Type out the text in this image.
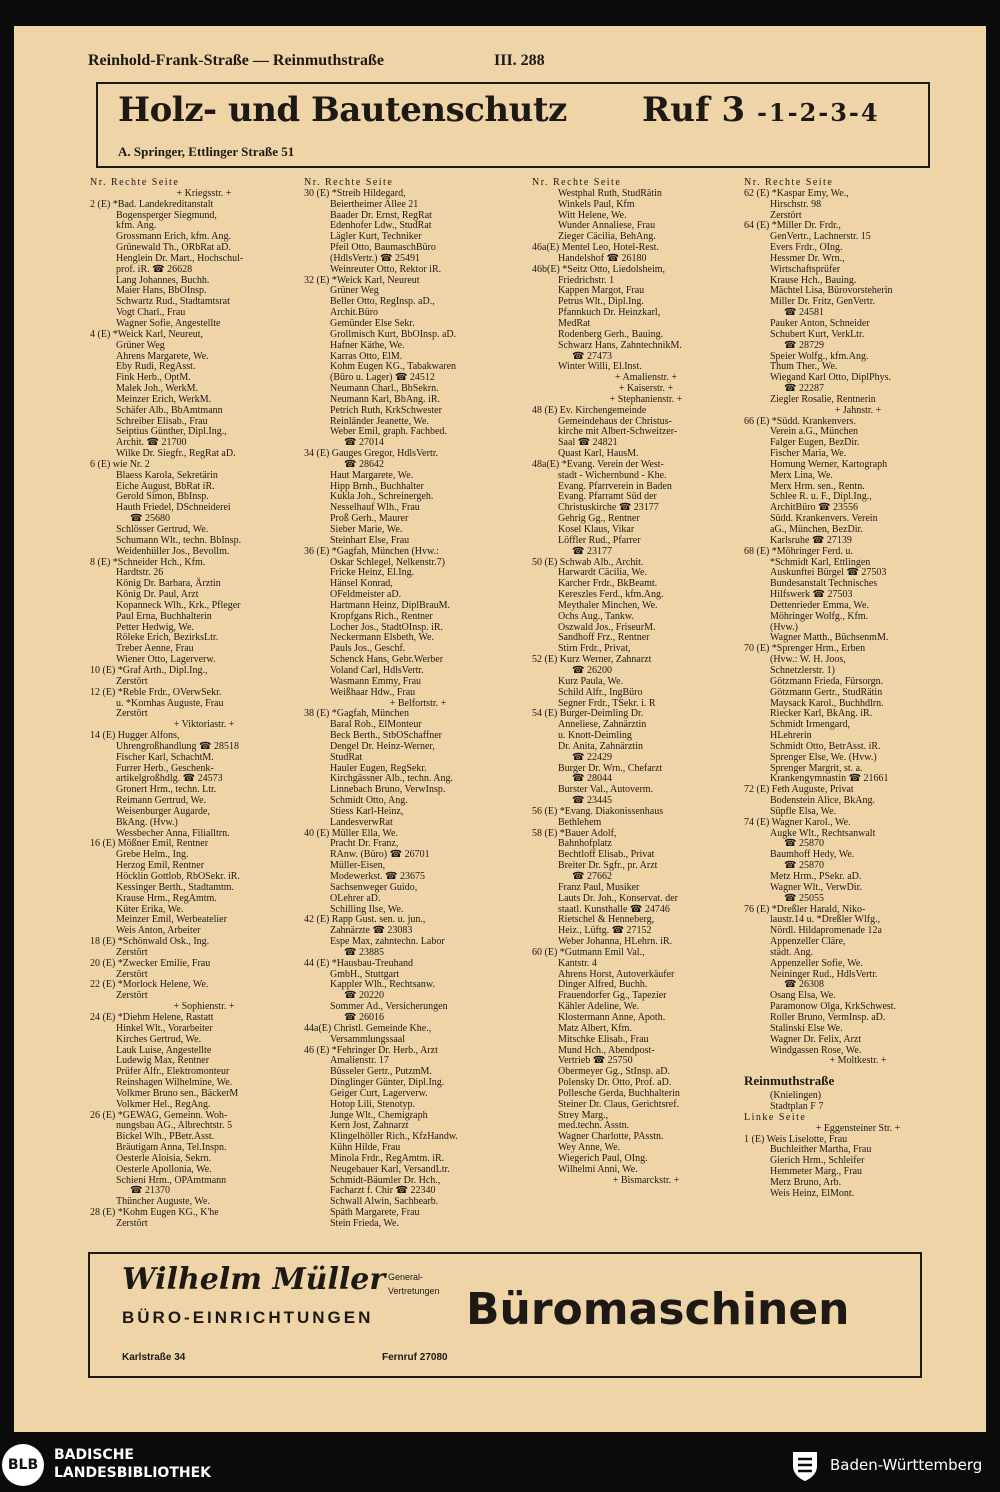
Reinhold-Frank-Straße — Reinmuthstraße	III. 288
Holz- und Bautenschutz Ruf 3 -1-2-3-4
A. Springer, Ettlinger Straße 51
Nr. Rechte Seite
+ Kriegsstr. +
2 (E) *Bad. Landekreditanstalt
Bogensperger Siegmund,
kfm. Ang.
Grossmann Erich, kfm. Ang.
Grünewald Th., ORbRat aD.
Henglein Dr. Mart., Hochschul-
prof. iR. ☎ 26628
Lang Johannes, Buchh.
Maier Hans, BbOInsp.
Schwartz Rud., Stadtamtsrat
Vogt Charl., Frau
Wagner Sofie, Angestellte
4 (E) *Weick Karl, Neureut,
Grüner Weg
Ahrens Margarete, We.
Eby Rudi, RegAsst.
Fink Herb., OptM.
Malek Joh., WerkM.
Meinzer Erich, WerkM.
Schäfer Alb., BbAmtmann
Schreiber Elisab., Frau
Seiptius Günther, Dipl.Ing.,
Archit. ☎ 21700
Wilke Dr. Siegfr., RegRat aD.
6 (E) wie Nr. 2
Blaess Karola, Sekretärin
Eiche August, BbRat iR.
Gerold Simon, BbInsp.
Hauth Friedel, DSchneiderei
☎ 25680
Schlösser Gertrud, We.
Schumann Wlt., techn. BbInsp.
Weidenhüller Jos., Bevollm.
8 (E) *Schneider Hch., Kfm.
Hardtstr. 26
König Dr. Barbara, Ärztin
König Dr. Paul, Arzt
Kopanneck Wlh., Krk., Pfleger
Paul Erna, Buchhalterin
Petter Hedwig, We.
Röleke Erich, BezirksLtr.
Treber Aenne, Frau
Wiener Otto, Lagerverw.
10 (E) *Graf Arth., Dipl.Ing.,
Zerstört
12 (E) *Reble Frdr., OVerwSekr.
u. *Kornhas Auguste, Frau
Zerstört
+ Viktoriastr. +
14 (E) Hugger Alfons,
Uhrengroßhandlung ☎ 28518
Fischer Karl, SchachtM.
Furrer Herb., Geschenk-
artikelgroßhdlg. ☎ 24573
Gronert Hrm., techn. Ltr.
Reimann Gertrud, We.
Weisenburger Augarde,
BkAng. (Hvw.)
Wessbecher Anna, Filialltrn.
16 (E) Mößner Emil, Rentner
Grebe Helm., Ing.
Herzog Emil, Rentner
Höcklin Gottlob, RbOSekr. iR.
Kessinger Berth., Stadtamtm.
Krause Hrm., RegAmtm.
Küter Erika, We.
Meinzer Emil, Werbeatelier
Weis Anton, Arbeiter
18 (E) *Schönwald Osk., Ing.
Zerstört
20 (E) *Zwecker Emilie, Frau
Zerstört
22 (E) *Morlock Helene, We.
Zerstört
+ Sophienstr. +
24 (E) *Diehm Helene, Rastatt
Hinkel Wlt., Vorarbeiter
Kirches Gertrud, We.
Lauk Luise, Angestellte
Ludewig Max, Rentner
Prüfer Alfr., Elektromonteur
Reinshagen Wilhelmine, We.
Volkmer Bruno sen., BäckerM
Volkmer Hel., RegAng.
26 (E) *GEWAG, Gemeinn. Woh-
nungsbau AG., Albrechtstr. 5
Bickel Wlh., PBetr.Asst.
Bräutigam Anna, Tel.Inspn.
Oesterle Aloisia, Sekrn.
Oesterle Apollonia, We.
Schieni Hrm., OPAmtmann
☎ 21370
Thüncher Auguste, We.
28 (E) *Kohm Eugen KG., K'he
Zerstört
Nr. Rechte Seite
30 (E) *Streib Hildegard,
Beiertheimer Allee 21
Baader Dr. Ernst, RegRat
Edenhofer Ldw., StudRat
Lägler Kurt, Techniker
Pfeil Otto, BaumaschBüro
(HdlsVertr.) ☎ 25491
Weinreuter Otto, Rektor iR.
32 (E) *Weick Karl, Neureut
Grüner Weg
Beller Otto, RegInsp. aD.,
Archit.Büro
Gemünder Else Sekr.
Grollmisch Kurt, BbOInsp. aD.
Hafner Käthe, We.
Karras Otto, ElM.
Kohm Eugen KG., Tabakwaren
(Büro u. Lager) ☎ 24512
Neumann Charl., BbSekrn.
Neumann Karl, BbAng. iR.
Petrich Ruth, KrkSchwester
Reinländer Jeanette, We.
Weber Emil, graph. Fachbed.
☎ 27014
34 (E) Gauges Gregor, HdlsVertr.
☎ 28642
Haut Margarete, We.
Hipp Brnh., Buchhalter
Kukla Joh., Schreinergeh.
Nesselhauf Wlh., Frau
Proß Gerh., Maurer
Sieber Marie, We.
Steinhart Else, Frau
36 (E) *Gagfah, München (Hvw.:
Oskar Schlegel, Nelkenstr.7)
Fricke Heinz, El.Ing.
Hänsel Konrad,
OFeldmeister aD.
Hartmann Heinz, DiplBrauM.
Kropfgans Rich., Rentner
Locher Jos., StadtOInsp. iR.
Neckermann Elsbeth, We.
Pauls Jos., Geschf.
Schenck Hans, Gebr.Werber
Voland Carl, HdlsVertr.
Wasmann Emmy, Frau
Weißhaar Hdw., Frau
+ Belfortstr. +
38 (E) *Gagfah, München
Baral Rob., ElMonteur
Beck Berth., StbOSchaffner
Dengel Dr. Heinz-Werner,
StudRat
Hauler Eugen, RegSekr.
Kirchgässner Alb., techn. Ang.
Linnebach Bruno, VerwInsp.
Schmidt Otto, Ang.
Stiess Karl-Heinz,
LandesverwRat
40 (E) Müller Ella, We.
Pracht Dr. Franz,
RAnw. (Büro) ☎ 26701
Müller-Eisen,
Modewerkst. ☎ 23675
Sachsenweger Guido,
OLehrer aD.
Schilling Ilse, We.
42 (E) Rapp Gust. sen. u. jun.,
Zahnärzte ☎ 23083
Espe Max, zahntechn. Labor
☎ 23885
44 (E) *Hausbau-Treuhand
GmbH., Stuttgart
Kappler Wlh., Rechtsanw.
☎ 20220
Sommer Ad., Versicherungen
☎ 26016
44a(E) Christl. Gemeinde Khe.,
Versammlungssaal
46 (E) *Fehringer Dr. Herb., Arzt
Amalienstr. 17
Büsseler Gertr., PutzmM.
Dinglinger Günter, Dipl.Ing.
Geiger Curt, Lagerverw.
Hotop Lili, Stenotyp.
Junge Wlt., Chemigraph
Kern Jost, Zahnarzt
Klingelhöller Rich., KfzHandw.
Kühn Hilde, Frau
Minola Frdr., RegAmtm. iR.
Neugebauer Karl, VersandLtr.
Schmidt-Bäumler Dr. Hch.,
Facharzt f. Chir ☎ 22340
Schwall Alwin, Sachbearb.
Späth Margarete, Frau
Stein Frieda, We.
Nr. Rechte Seite
Westphal Ruth, StudRätin
Winkels Paul, Kfm
Witt Helene, We.
Wunder Annaliese, Frau
Zieger Cäcilia, BehAng.
46a(E) Mentel Leo, Hotel-Rest.
Handelshof ☎ 26180
46b(E) *Seitz Otto, Liedolsheim,
Friedrichstr. 1
Kappen Margot, Frau
Petrus Wlt., Dipl.Ing.
Pfannkuch Dr. Heinzkarl,
MedRat
Rodenberg Gerh., Bauing.
Schwarz Hans, ZahntechnikM.
☎ 27473
Winter Willi, El.Inst.
+ Amalienstr. +
+ Kaiserstr. +
+ Stephanienstr. +
48 (E) Ev. Kirchengemeinde
Gemeindehaus der Christus-
kirche mit Albert-Schweitzer-
Saal ☎ 24821
Quast Karl, HausM.
48a(E) *Evang. Verein der West-
stadt - Wichernbund - Khe.
Evang. Pfarrverein in Baden
Evang. Pfarramt Süd der
Christuskirche ☎ 23177
Gehrig Gg., Rentner
Kosel Klaus, Vikar
Löffler Rud., Pfarrer
☎ 23177
50 (E) Schwab Alb., Archit.
Harwardt Cäcilia, We.
Karcher Frdr., BkBeamt.
Kereszles Ferd., kfm.Ang.
Meythaler Minchen, We.
Ochs Aug., Tankw.
Oszwald Jos., FriseurM.
Sandhoff Frz., Rentner
Stirn Frdr., Privat,
52 (E) Kurz Werner, Zahnarzt
☎ 26200
Kurz Paula, We.
Schild Alfr., IngBüro
Segner Frdr., TSekr. i. R
54 (E) Burger-Deimling Dr.
Anneliese, Zahnärztin
u. Knott-Deimling
Dr. Anita, Zahnärztin
☎ 22429
Burger Dr. Wrn., Chefarzt
☎ 28044
Burster Val., Autoverm.
☎ 23445
56 (E) *Evang. Diakonissenhaus
Bethlehem
58 (E) *Bauer Adolf,
Bahnhofplatz
Bechtloff Elisab., Privat
Breiter Dr. Sgfr., pr. Arzt
☎ 27662
Franz Paul, Musiker
Lauts Dr. Joh., Konservat. der
staatl. Kunsthalle ☎ 24746
Rietschel & Henneberg,
Heiz., Lüftg. ☎ 27152
Weber Johanna, HLehrn. iR.
60 (E) *Gutmann Emil Val.,
Kantstr. 4
Ahrens Horst, Autoverkäufer
Dinger Alfred, Buchh.
Frauendorfer Gg., Tapezier
Kähler Adeline, We.
Klostermann Anne, Apoth.
Matz Albert, Kfm.
Mitschke Elisab., Frau
Mund Hch., Abendpost-
Vertrieb ☎ 25750
Obermeyer Gg., StInsp. aD.
Polensky Dr. Otto, Prof. aD.
Pollesche Gerda, Buchhalterin
Steiner Dr. Claus, Gerichtsref.
Strey Marg.,
med.techn. Asstn.
Wagner Charlotte, PAsstn.
Wey Anne, We.
Wiegerich Paul, OIng.
Wilhelmi Anni, We.
+ Bismarckstr. +
Nr. Rechte Seite
62 (E) *Kaspar Emy, We.,
Hirschstr. 98
Zerstört
64 (E) *Miller Dr. Frdr.,
GenVertr., Lachnerstr. 15
Evers Frdr., OIng.
Hessmer Dr. Wrn.,
Wirtschaftsprüfer
Krause Hch., Bauing.
Mächtel Lisa, Bürovorsteherin
Miller Dr. Fritz, GenVertr.
☎ 24581
Pauker Anton, Schneider
Schubert Kurt, VerkLtr.
☎ 28729
Speier Wolfg., kfm.Ang.
Thum Ther., We.
Wiegand Karl Otto, DiplPhys.
☎ 22287
Ziegler Rosalie, Rentnerin
+ Jahnstr. +
66 (E) *Südd. Krankenvers.
Verein a.G., München
Falger Eugen, BezDir.
Fischer Maria, We.
Hornung Werner, Kartograph
Merx Lina, We.
Merx Hrm. sen., Rentn.
Schlee R. u. F., Dipl.Ing.,
ArchitBüro ☎ 23556
Südd. Krankenvers. Verein
aG., München, BezDir.
Karlsruhe ☎ 27139
68 (E) *Möhringer Ferd. u.
*Schmidt Karl, Ettlingen
Auskunftei Bürgel ☎ 27503
Bundesanstalt Technisches
Hilfswerk ☎ 27503
Dettenrieder Emma, We.
Möhringer Wolfg., Kfm.
(Hvw.)
Wagner Matth., BüchsenmM.
70 (E) *Sprenger Hrm., Erben
(Hvw.: W. H. Joos,
Schnetzlerstr. 1)
Götzmann Frieda, Fürsorgn.
Götzmann Gertr., StudRätin
Maysack Karol., Buchhdlrn.
Riecker Karl, BkAng. iR.
Schmidt Irmengard,
HLehrerin
Schmidt Otto, BetrAsst. iR.
Sprenger Else, We. (Hvw.)
Sprenger Margrit, st. a.
Krankengymnastin ☎ 21661
72 (E) Feth Auguste, Privat
Bodenstein Alice, BkAng.
Süpfle Elsa, We.
74 (E) Wagner Karol., We.
Augke Wlt., Rechtsanwalt
☎ 25870
Baumhoff Hedy, We.
☎ 25870
Metz Hrm., PSekr. aD.
Wagner Wlt., VerwDir.
☎ 25055
76 (E) *Dreßler Harald, Niko-
laustr.14 u. *Dreßler Wlfg.,
Nördl. Hildapromenade 12a
Appenzeller Cläre,
städt. Ang.
Appenzeller Sofie, We.
Neininger Rud., HdlsVertr.
☎ 26308
Osang Elsa, We.
Paramonow Olga, KrkSchwest.
Roller Bruno, VermInsp. aD.
Stalinski Else We.
Wagner Dr. Felix, Arzt
Windgassen Rose, We.
+ Moltkestr. +
Reinmuthstraße
(Knielingen)
Stadtplan F 7
Linke Seite
+ Eggensteiner Str. +
1 (E) Weis Liselotte, Frau
Buchleither Martha, Frau
Gierich Hrm., Schleifer
Hemmeter Marg., Frau
Merz Bruno, Arb.
Weis Heinz, ElMont.
Wilhelm Müller General-
Vertretungen
BÜRO-EINRICHTUNGEN Büromaschinen
Karlstraße 34	Fernruf 27080
BLB
BADISCHE
LANDESBIBLIOTHEK	Baden-Württemberg
